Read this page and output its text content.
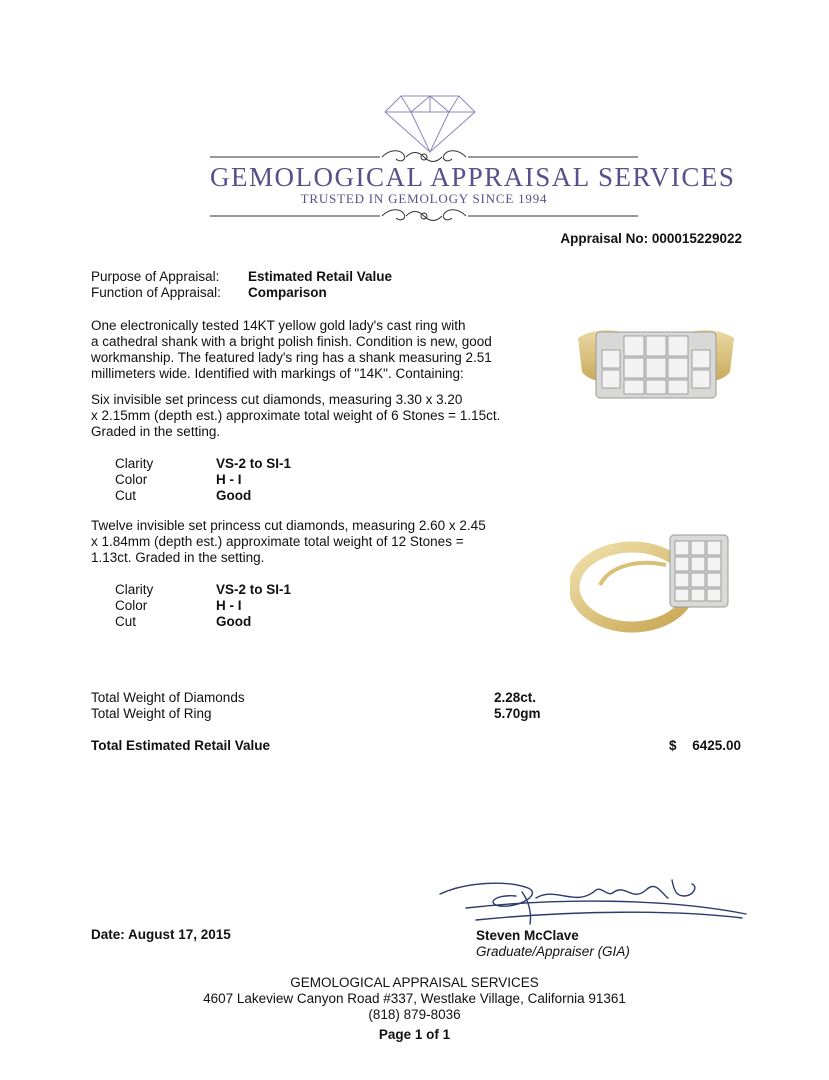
GEMOLOGICAL APPRAISAL SERVICES
TRUSTED IN GEMOLOGY SINCE 1994
Appraisal No: 000015229022
Purpose of Appraisal: Estimated Retail Value
Function of Appraisal: Comparison
One electronically tested 14KT yellow gold lady's cast ring with
a cathedral shank with a bright polish finish. Condition is new, good
workmanship. The featured lady's ring has a shank measuring 2.51
millimeters wide. Identified with markings of "14K". Containing:
Six invisible set princess cut diamonds, measuring 3.30 x 3.20
x 2.15mm (depth est.) approximate total weight of 6 Stones = 1.15ct.
Graded in the setting.
Clarity	VS-2 to SI-1
Color	H - I
Cut	Good
Twelve invisible set princess cut diamonds, measuring 2.60 x 2.45
x 1.84mm (depth est.) approximate total weight of 12 Stones =
1.13ct. Graded in the setting.
Clarity	VS-2 to SI-1
Color	H - I
Cut	Good
Total Weight of Diamonds	2.28ct.
Total Weight of Ring	5.70gm
Total Estimated Retail Value	$ 6425.00
Date: August 17, 2015	Steven McClave
Graduate/Appraiser (GIA)
GEMOLOGICAL APPRAISAL SERVICES
4607 Lakeview Canyon Road #337, Westlake Village, California 91361
(818) 879-8036
Page 1 of 1
